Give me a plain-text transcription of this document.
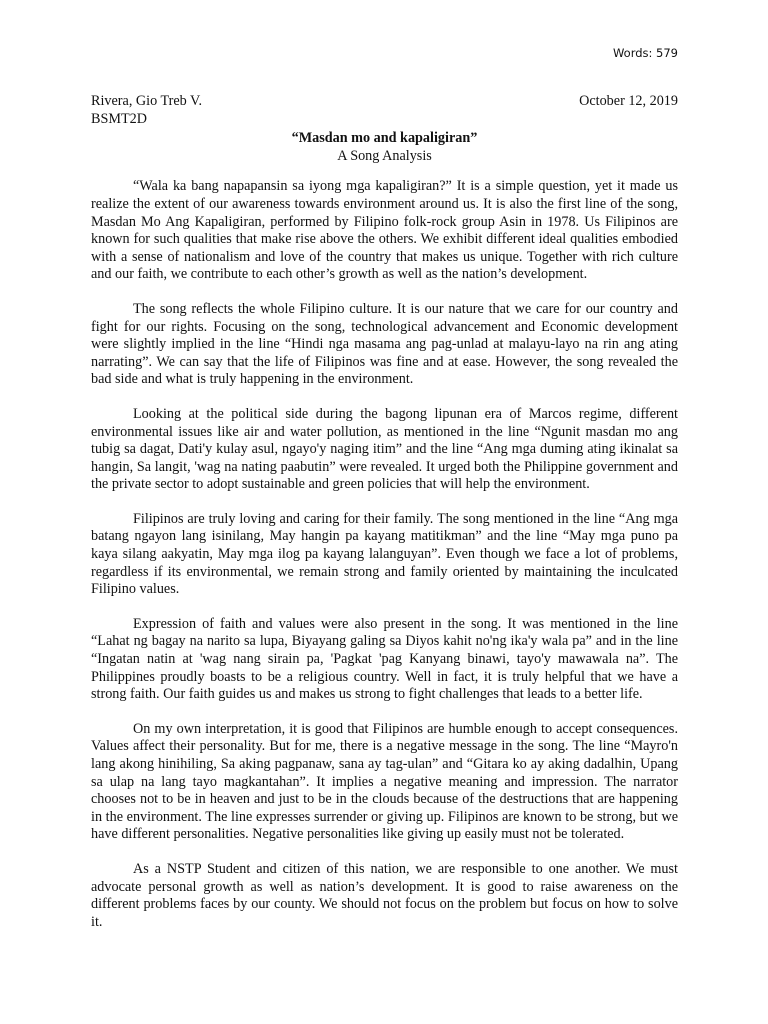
Words: 579
Rivera, Gio Treb V.	October 12, 2019
BSMT2D
“Masdan mo and kapaligiran”
A Song Analysis

“Wala ka bang napapansin sa iyong mga kapaligiran?” It is a simple question, yet it made us realize the extent of our awareness towards environment around us. It is also the first line of the song, Masdan Mo Ang Kapaligiran, performed by Filipino folk-rock group Asin in 1978. Us Filipinos are known for such qualities that make rise above the others. We exhibit different ideal qualities embodied with a sense of nationalism and love of the country that makes us unique. Together with rich culture and our faith, we contribute to each other’s growth as well as the nation’s development.

The song reflects the whole Filipino culture. It is our nature that we care for our country and fight for our rights. Focusing on the song, technological advancement and Economic development were slightly implied in the line “Hindi nga masama ang pag-unlad at malayu-layo na rin ang ating narrating”. We can say that the life of Filipinos was fine and at ease. However, the song revealed the bad side and what is truly happening in the environment.

Looking at the political side during the bagong lipunan era of Marcos regime, different environmental issues like air and water pollution, as mentioned in the line “Ngunit masdan mo ang tubig sa dagat, Dati'y kulay asul, ngayo'y naging itim” and the line “Ang mga duming ating ikinalat sa hangin, Sa langit, 'wag na nating paabutin” were revealed. It urged both the Philippine government and the private sector to adopt sustainable and green policies that will help the environment.

Filipinos are truly loving and caring for their family. The song mentioned in the line “Ang mga batang ngayon lang isinilang, May hangin pa kayang matitikman” and the line “May mga puno pa kaya silang aakyatin, May mga ilog pa kayang lalanguyan”. Even though we face a lot of problems, regardless if its environmental, we remain strong and family oriented by maintaining the inculcated Filipino values.

Expression of faith and values were also present in the song. It was mentioned in the line “Lahat ng bagay na narito sa lupa, Biyayang galing sa Diyos kahit no'ng ika'y wala pa” and in the line “Ingatan natin at 'wag nang sirain pa, 'Pagkat 'pag Kanyang binawi, tayo'y mawawala na”. The Philippines proudly boasts to be a religious country. Well in fact, it is truly helpful that we have a strong faith. Our faith guides us and makes us strong to fight challenges that leads to a better life.

On my own interpretation, it is good that Filipinos are humble enough to accept consequences. Values affect their personality. But for me, there is a negative message in the song. The line “Mayro'n lang akong hinihiling, Sa aking pagpanaw, sana ay tag-ulan” and “Gitara ko ay aking dadalhin, Upang sa ulap na lang tayo magkantahan”. It implies a negative meaning and impression. The narrator chooses not to be in heaven and just to be in the clouds because of the destructions that are happening in the environment. The line expresses surrender or giving up. Filipinos are known to be strong, but we have different personalities. Negative personalities like giving up easily must not be tolerated.

As a NSTP Student and citizen of this nation, we are responsible to one another. We must advocate personal growth as well as nation’s development. It is good to raise awareness on the different problems faces by our county. We should not focus on the problem but focus on how to solve it.
